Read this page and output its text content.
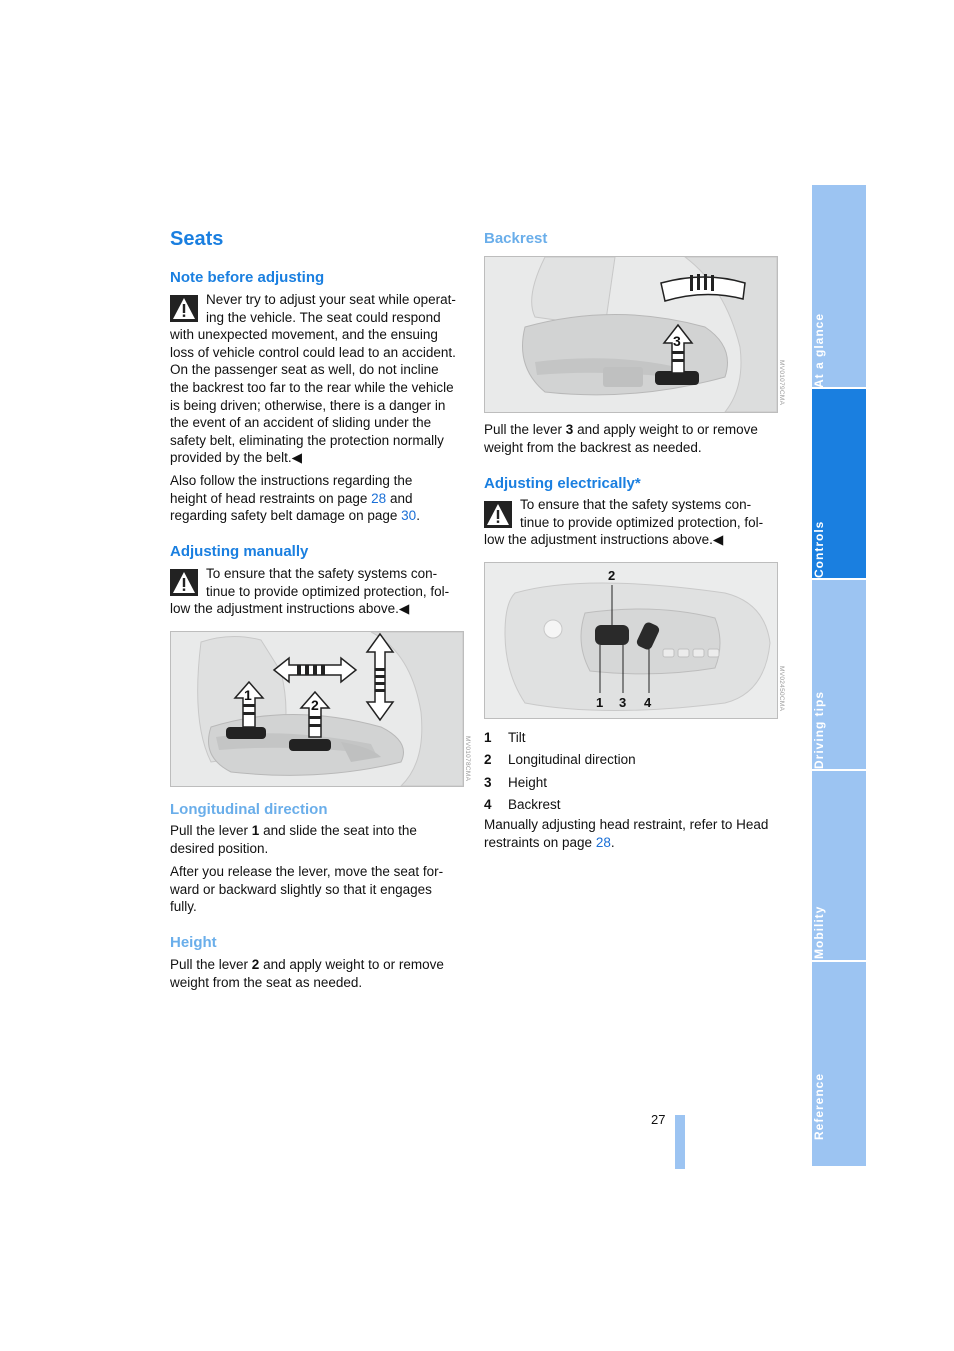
Seats
Note before adjusting
Never try to adjust your seat while operat-
ing the vehicle. The seat could respond
with unexpected movement, and the ensuing
loss of vehicle control could lead to an accident.
On the passenger seat as well, do not incline
the backrest too far to the rear while the vehicle
is being driven; otherwise, there is a danger in
the event of an accident of sliding under the
safety belt, eliminating the protection normally
provided by the belt.◀
Also follow the instructions regarding the
height of head restraints on page 28 and
regarding safety belt damage on page 30.
Adjusting manually
To ensure that the safety systems con-
tinue to provide optimized protection, fol-
low the adjustment instructions above.◀
1
2
MV01078CMA
Longitudinal direction
Pull the lever 1 and slide the seat into the
desired position.
After you release the lever, move the seat for-
ward or backward slightly so that it engages
fully.
Height
Pull the lever 2 and apply weight to or remove
weight from the seat as needed.
Backrest
3
MV01079CMA
Pull the lever 3 and apply weight to or remove
weight from the backrest as needed.
Adjusting electrically*
To ensure that the safety systems con-
tinue to provide optimized protection, fol-
low the adjustment instructions above.◀
2
1 3 4	MV02450CMA
1 Tilt
2 Longitudinal direction
3 Height
4 Backrest
Manually adjusting head restraint, refer to Head
restraints on page 28.
27
At a glance
Controls
Driving tips
Mobility
Reference
